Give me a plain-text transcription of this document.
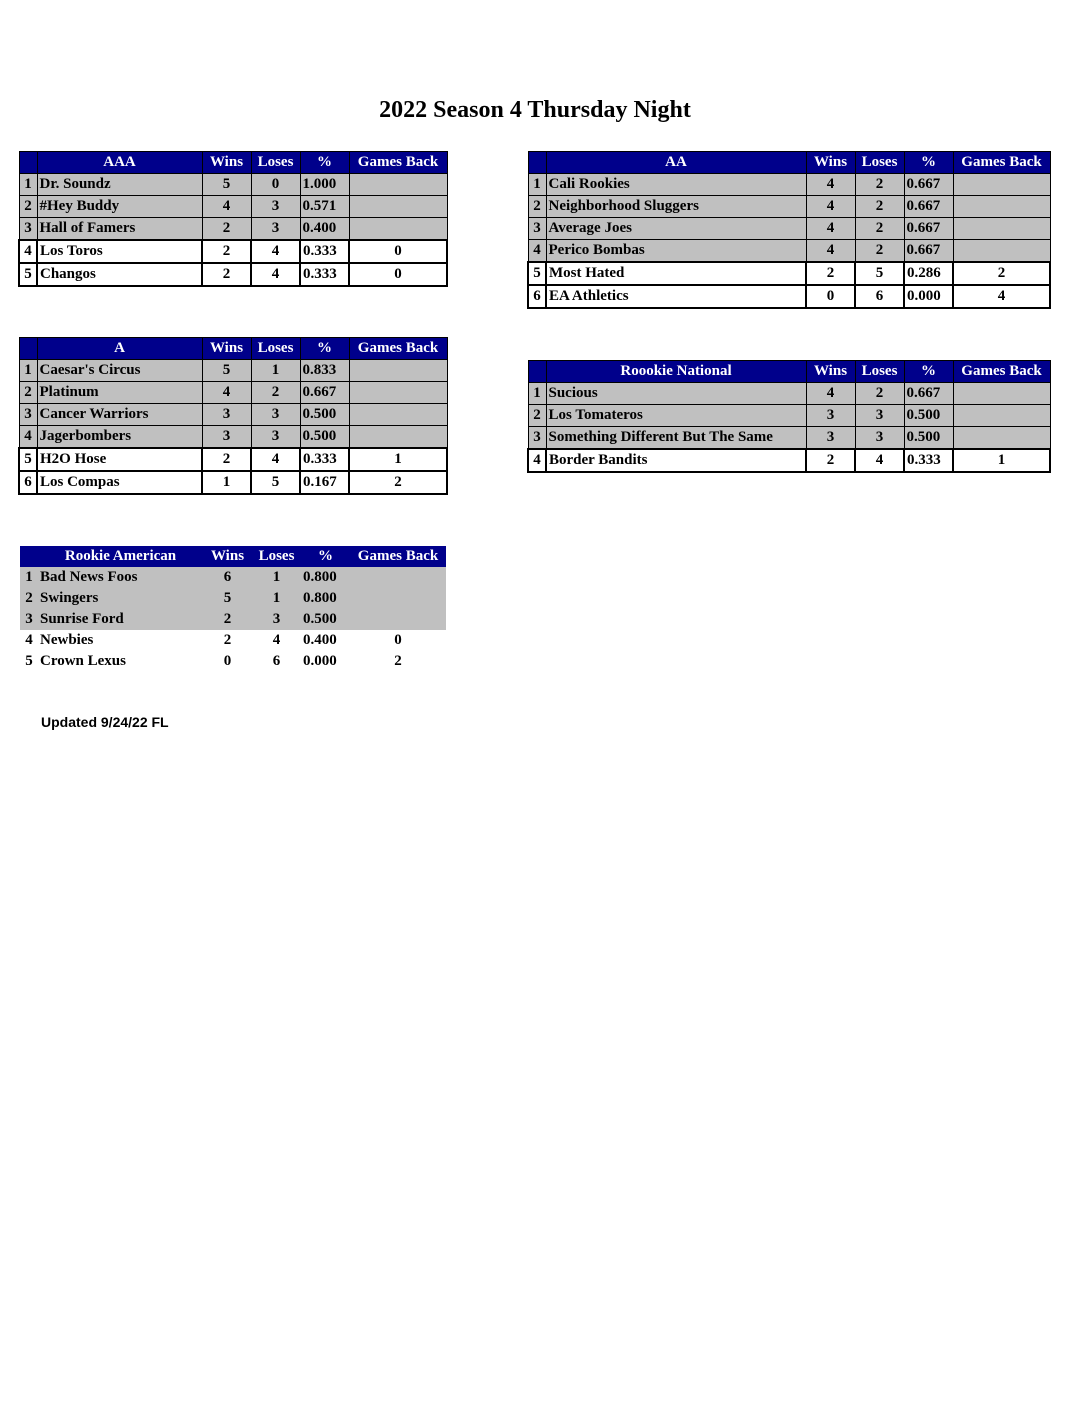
2022 Season 4 Thursday Night
	AAA	Wins	Loses	%	Games Back
1	Dr. Soundz	5	0	1.000	
2	#Hey Buddy	4	3	0.571	
3	Hall of Famers	2	3	0.400	
4	Los Toros	2	4	0.333	0
5	Changos	2	4	0.333	0
	AA	Wins	Loses	%	Games Back
1	Cali Rookies	4	2	0.667	
2	Neighborhood Sluggers	4	2	0.667	
3	Average Joes	4	2	0.667	
4	Perico Bombas	4	2	0.667	
5	Most Hated	2	5	0.286	2
6	EA Athletics	0	6	0.000	4
	A	Wins	Loses	%	Games Back
1	Caesar's Circus	5	1	0.833	
2	Platinum	4	2	0.667	
3	Cancer Warriors	3	3	0.500	
4	Jagerbombers	3	3	0.500	
5	H2O Hose	2	4	0.333	1
6	Los Compas	1	5	0.167	2
	Roookie National	Wins	Loses	%	Games Back
1	Sucious	4	2	0.667	
2	Los Tomateros	3	3	0.500	
3	Something Different But The Same	3	3	0.500	
4	Border Bandits	2	4	0.333	1
	Rookie American	Wins	Loses	%	Games Back
1	Bad News Foos	6	1	0.800	
2	Swingers	5	1	0.800	
3	Sunrise Ford	2	3	0.500	
4	Newbies	2	4	0.400	0
5	Crown Lexus	0	6	0.000	2
Updated 9/24/22 FL
